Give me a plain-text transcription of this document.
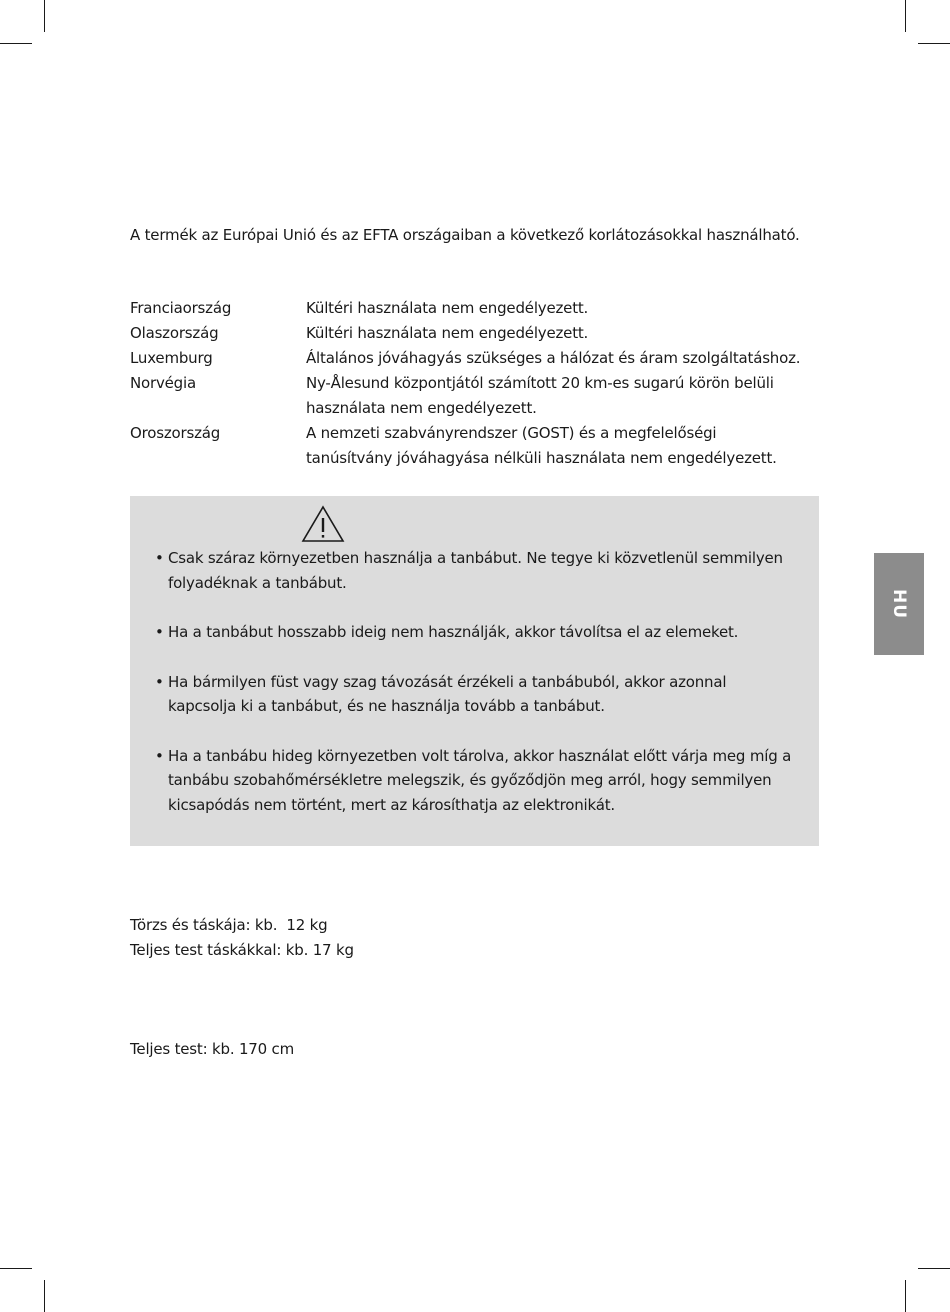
A termék az Európai Unió és az EFTA országaiban a következő korlátozásokkal használható.

Franciaország	Kültéri használata nem engedélyezett.
Olaszország	Kültéri használata nem engedélyezett.
Luxemburg	Általános jóváhagyás szükséges a hálózat és áram szolgáltatáshoz.
Norvégia	Ny-Ålesund központjától számított 20 km-es sugarú körön belüli használata nem engedélyezett.
Oroszország	A nemzeti szabványrendszer (GOST) és a megfelelőségi tanúsítvány jóváhagyása nélküli használata nem engedélyezett.
• Csak száraz környezetben használja a tanbábut. Ne tegye ki közvetlenül semmilyen folyadéknak a tanbábut.
• Ha a tanbábut hosszabb ideig nem használják, akkor távolítsa el az elemeket.
• Ha bármilyen füst vagy szag távozását érzékeli a tanbábuból, akkor azonnal kapcsolja ki a tanbábut, és ne használja tovább a tanbábut.
• Ha a tanbábu hideg környezetben volt tárolva, akkor használat előtt várja meg míg a tanbábu szobahőmérsékletre melegszik, és győződjön meg arról, hogy semmilyen kicsapódás nem történt, mert az károsíthatja az elektronikát.
Törzs és táskája: kb.  12 kg
Teljes test táskákkal: kb. 17 kg
Teljes test: kb. 170 cm
HU
